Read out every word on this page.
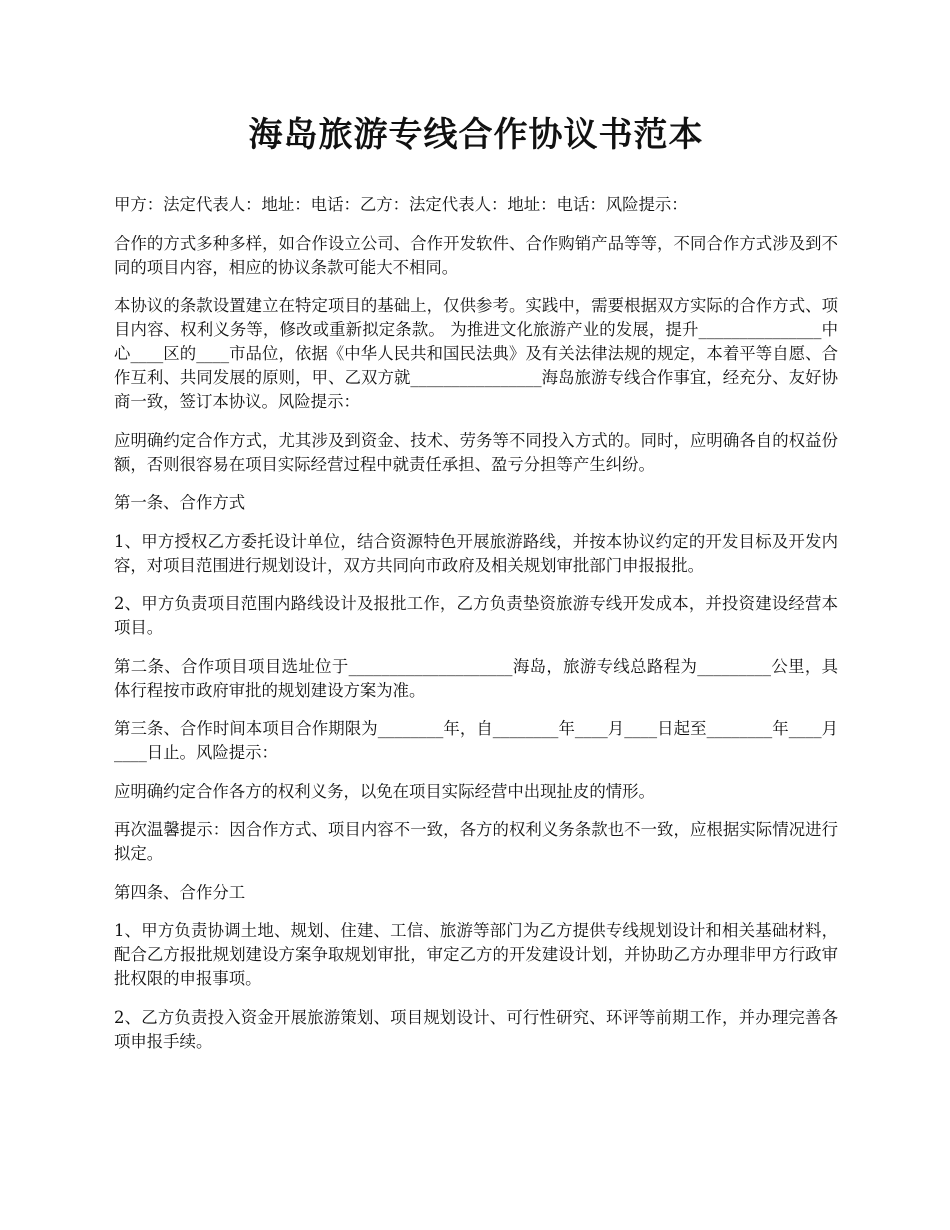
海岛旅游专线合作协议书范本

甲方：法定代表人：地址：电话：乙方：法定代表人：地址：电话：风险提示：

合作的方式多种多样，如合作设立公司、合作开发软件、合作购销产品等等，不同合作方式涉及到不同的项目内容，相应的协议条款可能大不相同。

本协议的条款设置建立在特定项目的基础上，仅供参考。实践中，需要根据双方实际的合作方式、项目内容、权利义务等，修改或重新拟定条款。 为推进文化旅游产业的发展，提升_______________中心____区的____市品位，依据《中华人民共和国民法典》及有关法律法规的规定，本着平等自愿、合作互利、共同发展的原则，甲、乙双方就________________海岛旅游专线合作事宜，经充分、友好协商一致，签订本协议。风险提示：

应明确约定合作方式，尤其涉及到资金、技术、劳务等不同投入方式的。同时，应明确各自的权益份额，否则很容易在项目实际经营过程中就责任承担、盈亏分担等产生纠纷。

第一条、合作方式

1、甲方授权乙方委托设计单位，结合资源特色开展旅游路线，并按本协议约定的开发目标及开发内容，对项目范围进行规划设计，双方共同向市政府及相关规划审批部门申报报批。

2、甲方负责项目范围内路线设计及报批工作，乙方负责垫资旅游专线开发成本，并投资建设经营本项目。

第二条、合作项目项目选址位于____________________海岛，旅游专线总路程为_________公里，具体行程按市政府审批的规划建设方案为准。

第三条、合作时间本项目合作期限为________年，自________年____月____日起至________年____月____日止。风险提示：

应明确约定合作各方的权利义务，以免在项目实际经营中出现扯皮的情形。

再次温馨提示：因合作方式、项目内容不一致，各方的权利义务条款也不一致，应根据实际情况进行拟定。

第四条、合作分工

1、甲方负责协调土地、规划、住建、工信、旅游等部门为乙方提供专线规划设计和相关基础材料，配合乙方报批规划建设方案争取规划审批，审定乙方的开发建设计划，并协助乙方办理非甲方行政审批权限的申报事项。

2、乙方负责投入资金开展旅游策划、项目规划设计、可行性研究、环评等前期工作，并办理完善各项申报手续。
